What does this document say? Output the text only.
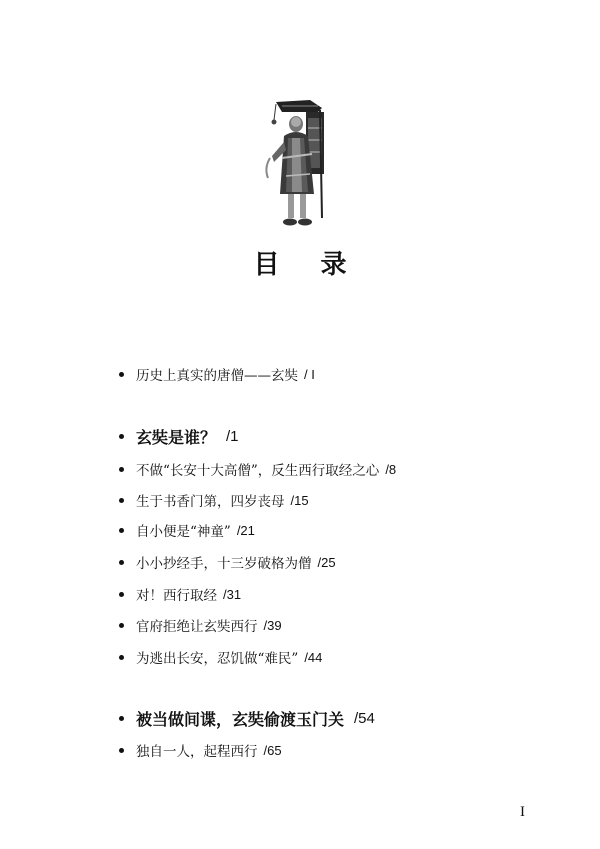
目 录
历史上真实的唐僧——玄奘 / I
玄奘是谁？ /1
不做“长安十大高僧”，反生西行取经之心 /8
生于书香门第，四岁丧母 /15
自小便是“神童” /21
小小抄经手，十三岁破格为僧 /25
对！西行取经 /31
官府拒绝让玄奘西行 /39
为逃出长安，忍饥做“难民” /44
被当做间谍，玄奘偷渡玉门关 /54
独自一人，起程西行 /65
I
